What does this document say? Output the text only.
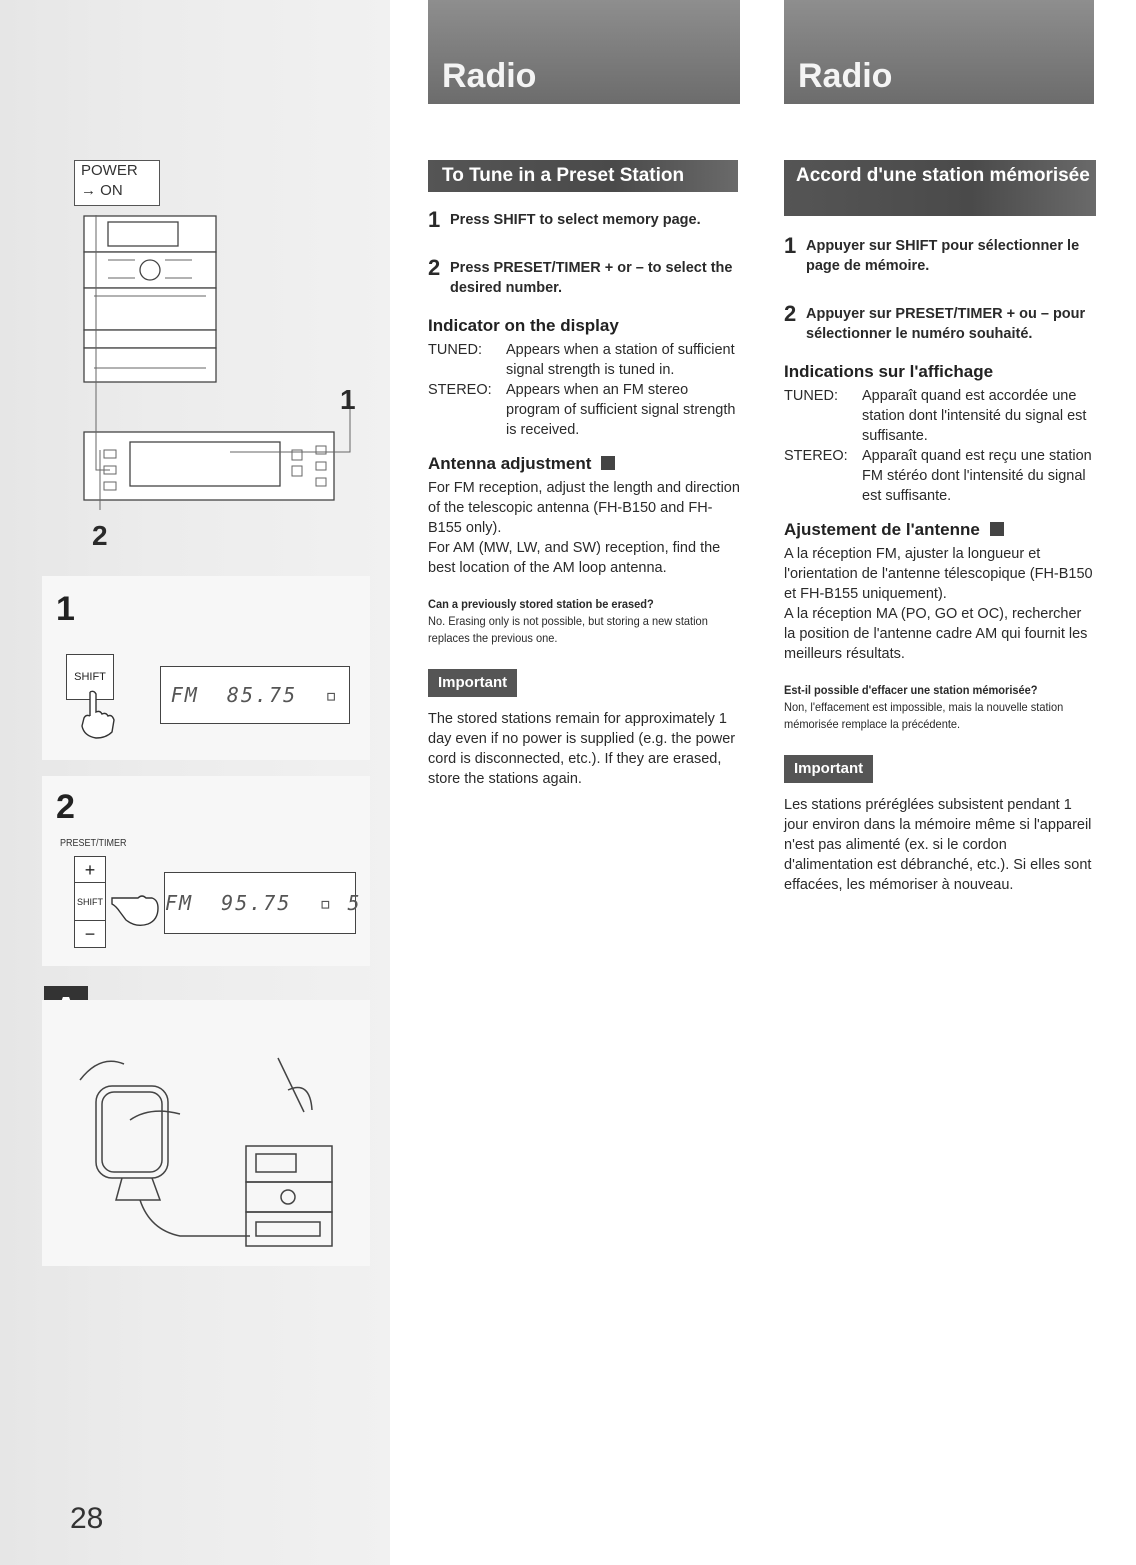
POWER
→ ON
1
2
1
SHIFT
FM  85.75  ▫
2
PRESET/TIMER
+
SHIFT
−
FM  95.75  ▫ 5
28
Radio	Radio
To Tune in a Preset Station
1 Press SHIFT to select memory page.
2 Press PRESET/TIMER + or – to select the desired number.
Indicator on the display
TUNED:	Appears when a station of sufficient signal strength is tuned in.
STEREO: Appears when an FM stereo program of sufficient signal strength is received.
Antenna adjustment
For FM reception, adjust the length and direction of the telescopic antenna (FH-B150 and FH-B155 only).
For AM (MW, LW, and SW) reception, find the best location of the AM loop antenna.
Can a previously stored station be erased?
No. Erasing only is not possible, but storing a new station replaces the previous one.
Important
The stored stations remain for approximately 1 day even if no power is supplied (e.g. the power cord is disconnected, etc.). If they are erased, store the stations again.
Accord d'une station mémorisée
1 Appuyer sur SHIFT pour sélectionner le page de mémoire.
2 Appuyer sur PRESET/TIMER + ou – pour sélectionner le numéro souhaité.
Indications sur l'affichage
TUNED:	Apparaît quand est accordée une station dont l'intensité du signal est suffisante.
STEREO: Apparaît quand est reçu une station FM stéréo dont l'intensité du signal est suffisante.
Ajustement de l'antenne
A la réception FM, ajuster la longueur et l'orientation de l'antenne télescopique (FH-B150 et FH-B155 uniquement).
A la réception MA (PO, GO et OC), rechercher la position de l'antenne cadre AM qui fournit les meilleurs résultats.
Est-il possible d'effacer une station mémorisée?
Non, l'effacement est impossible, mais la nouvelle station mémorisée remplace la précédente.
Important
Les stations préréglées subsistent pendant 1 jour environ dans la mémoire même si l'appareil n'est pas alimenté (ex. si le cordon d'alimentation est débranché, etc.). Si elles sont effacées, les mémoriser à nouveau.
